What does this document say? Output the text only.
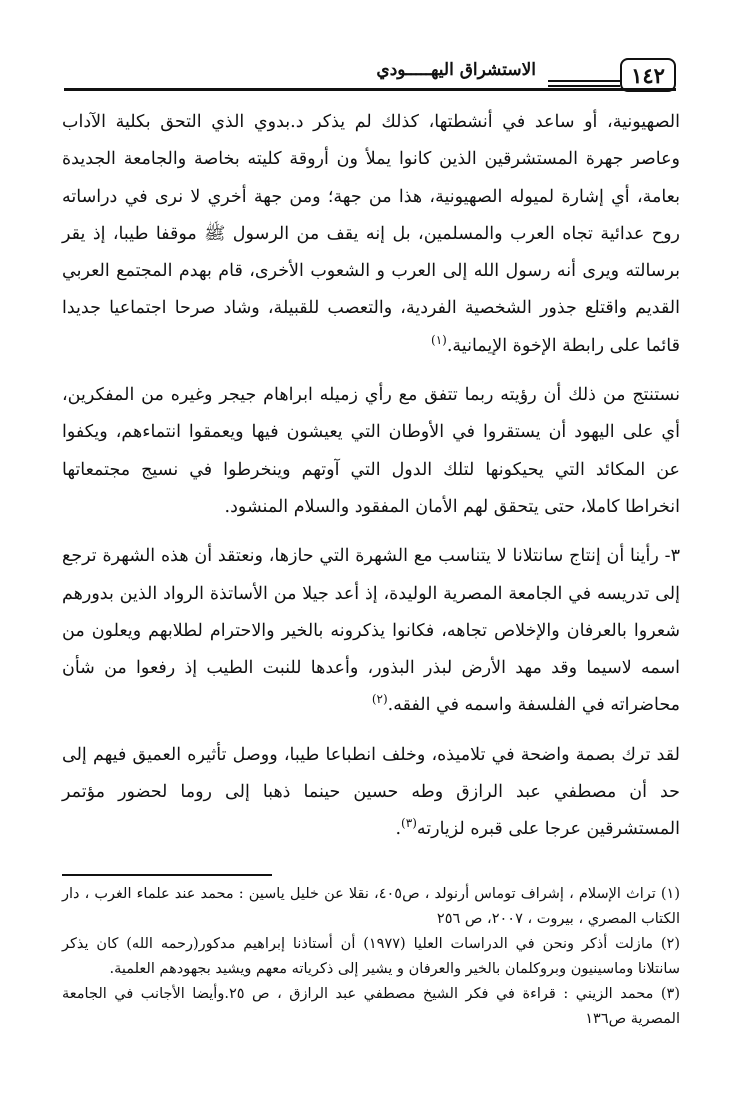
١٤٢
الاستشراق اليهـــــودي

الصهيونية، أو ساعد في أنشطتها، كذلك لم يذكر د.بدوي الذي التحق بكلية الآداب وعاصر جهرة المستشرقين الذين كانوا يملأ ون أروقة كليته بخاصة والجامعة الجديدة بعامة، أي إشارة لميوله الصهيونية، هذا من جهة؛ ومن جهة أخري لا نرى في دراساته روح عدائية تجاه العرب والمسلمين، بل إنه يقف من الرسول ﷺ موقفا طيبا، إذ يقر برسالته ويرى أنه رسول الله إلى العرب و الشعوب الأخرى، قام بهدم المجتمع العربي القديم واقتلع جذور الشخصية الفردية، والتعصب للقبيلة، وشاد صرحا اجتماعيا جديدا قائما على رابطة الإخوة الإيمانية.$^{(١)}$

نستنتج من ذلك أن رؤيته ربما تتفق مع رأي زميله ابراهام جيجر وغيره من المفكرين، أي على اليهود أن يستقروا في الأوطان التي يعيشون فيها ويعمقوا انتماءهم، ويكفوا عن المكائد التي يحيكونها لتلك الدول التي آوتهم وينخرطوا في نسيج مجتمعاتها انخراطا كاملا، حتى يتحقق لهم الأمان المفقود والسلام المنشود.

٣- رأينا أن إنتاج سانتلانا لا يتناسب مع الشهرة التي حازها، ونعتقد أن هذه الشهرة ترجع إلى تدريسه في الجامعة المصرية الوليدة، إذ أعد جيلا من الأساتذة الرواد الذين بدورهم شعروا بالعرفان والإخلاص تجاهه، فكانوا يذكرونه بالخير والاحترام لطلابهم ويعلون من اسمه لاسيما وقد مهد الأرض لبذر البذور، وأعدها للنبت الطيب إذ رفعوا من شأن محاضراته في الفلسفة واسمه في الفقه.$^{(٢)}$

لقد ترك بصمة واضحة في تلاميذه، وخلف انطباعا طيبا، ووصل تأثيره العميق فيهم إلى حد أن مصطفي عبد الرازق وطه حسين حينما ذهبا إلى روما لحضور مؤتمر المستشرقين عرجا على قبره لزيارته$^{(٣)}$.

(١) تراث الإسلام ، إشراف توماس أرنولد ، ص٤٠٥، نقلا عن خليل ياسين : محمد عند علماء الغرب ، دار الكتاب المصري ، بيروت ، ٢٠٠٧، ص ٢٥٦

(٢) مازلت أذكر ونحن في الدراسات العليا (١٩٧٧) أن أستاذنا إبراهيم مدكور(رحمه الله) كان يذكر سانتلانا وماسينيون وبروكلمان بالخير والعرفان و يشير إلى ذكرياته معهم ويشيد بجهودهم العلمية.

(٣) محمد الزيني : قراءة في فكر الشيخ مصطفي عبد الرازق ، ص ٢٥.وأيضا الأجانب في الجامعة المصرية ص١٣٦
